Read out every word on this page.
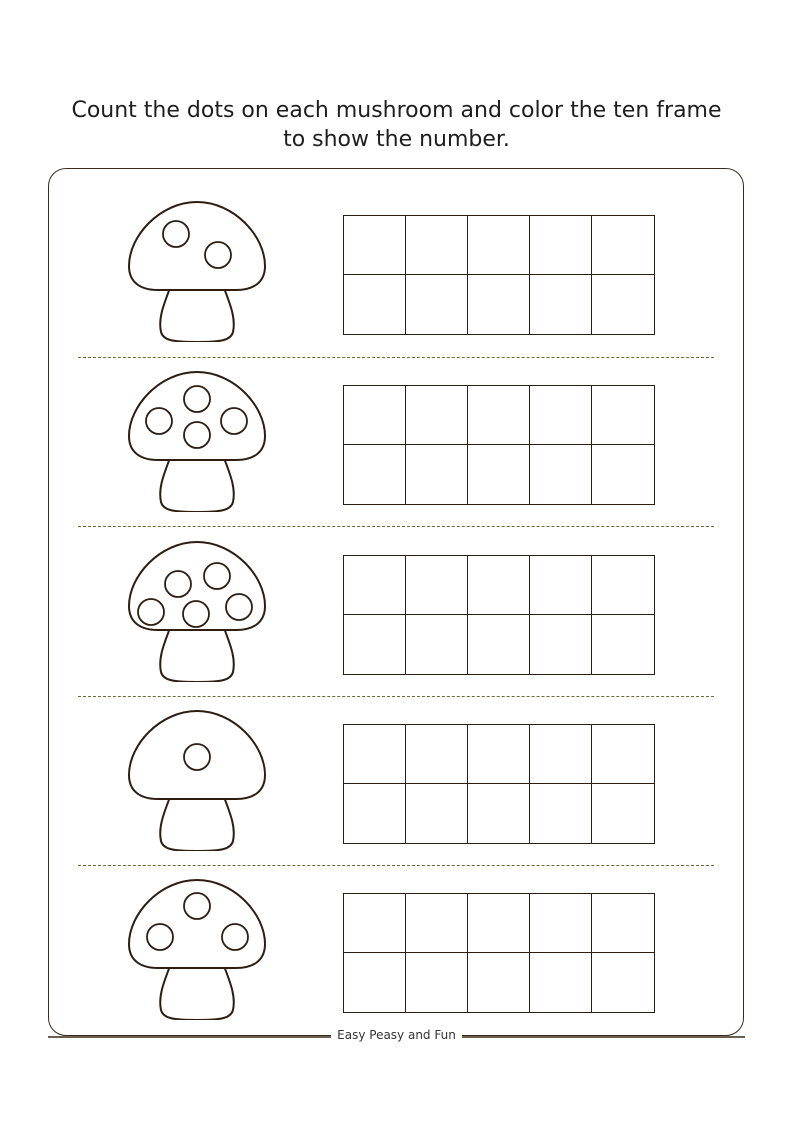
Count the dots on each mushroom and color the ten frame
to show the number.
Easy Peasy and Fun
